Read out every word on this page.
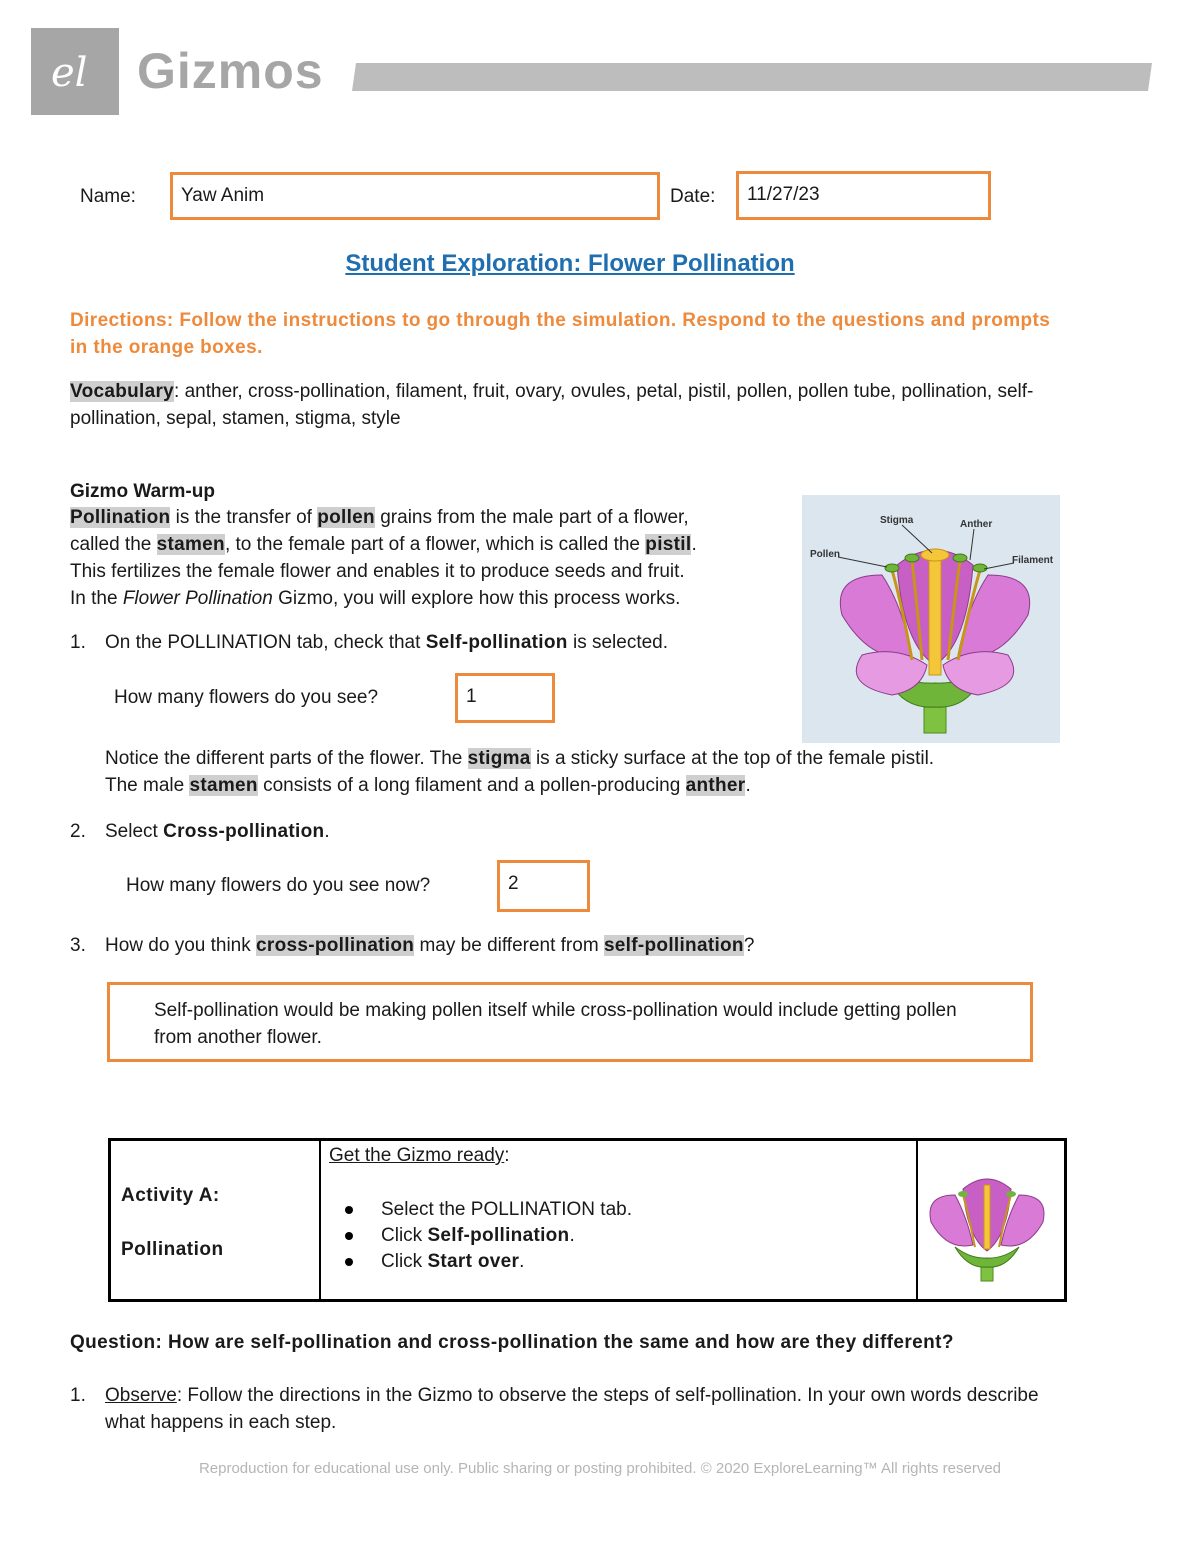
el Gizmos
Name:	Yaw Anim	Date:	11/27/23
Student Exploration: Flower Pollination
Directions: Follow the instructions to go through the simulation. Respond to the questions and prompts in the orange boxes.
Vocabulary: anther, cross-pollination, filament, fruit, ovary, ovules, petal, pistil, pollen, pollen tube, pollination, self-pollination, sepal, stamen, stigma, style
Gizmo Warm-up
Pollination is the transfer of pollen grains from the male part of a flower,
called the stamen, to the female part of a flower, which is called the pistil.
This fertilizes the female flower and enables it to produce seeds and fruit.
In the Flower Pollination Gizmo, you will explore how this process works.
Stigma	Anther
Pollen
Filament
1.	On the POLLINATION tab, check that Self-pollination is selected.
How many flowers do you see?	1
Notice the different parts of the flower. The stigma is a sticky surface at the top of the female pistil.
The male stamen consists of a long filament and a pollen-producing anther.
2.	Select Cross-pollination.
How many flowers do you see now?	2
3.	How do you think cross-pollination may be different from self-pollination?
Self-pollination would be making pollen itself while cross-pollination would include getting pollen from another flower.
Activity A:
Pollination
Get the Gizmo ready:
Select the POLLINATION tab.
Click Self-pollination.
Click Start over.
Question: How are self-pollination and cross-pollination the same and how are they different?
1.	Observe: Follow the directions in the Gizmo to observe the steps of self-pollination. In your own words describe what happens in each step.
Reproduction for educational use only. Public sharing or posting prohibited. © 2020 ExploreLearning™ All rights reserved
